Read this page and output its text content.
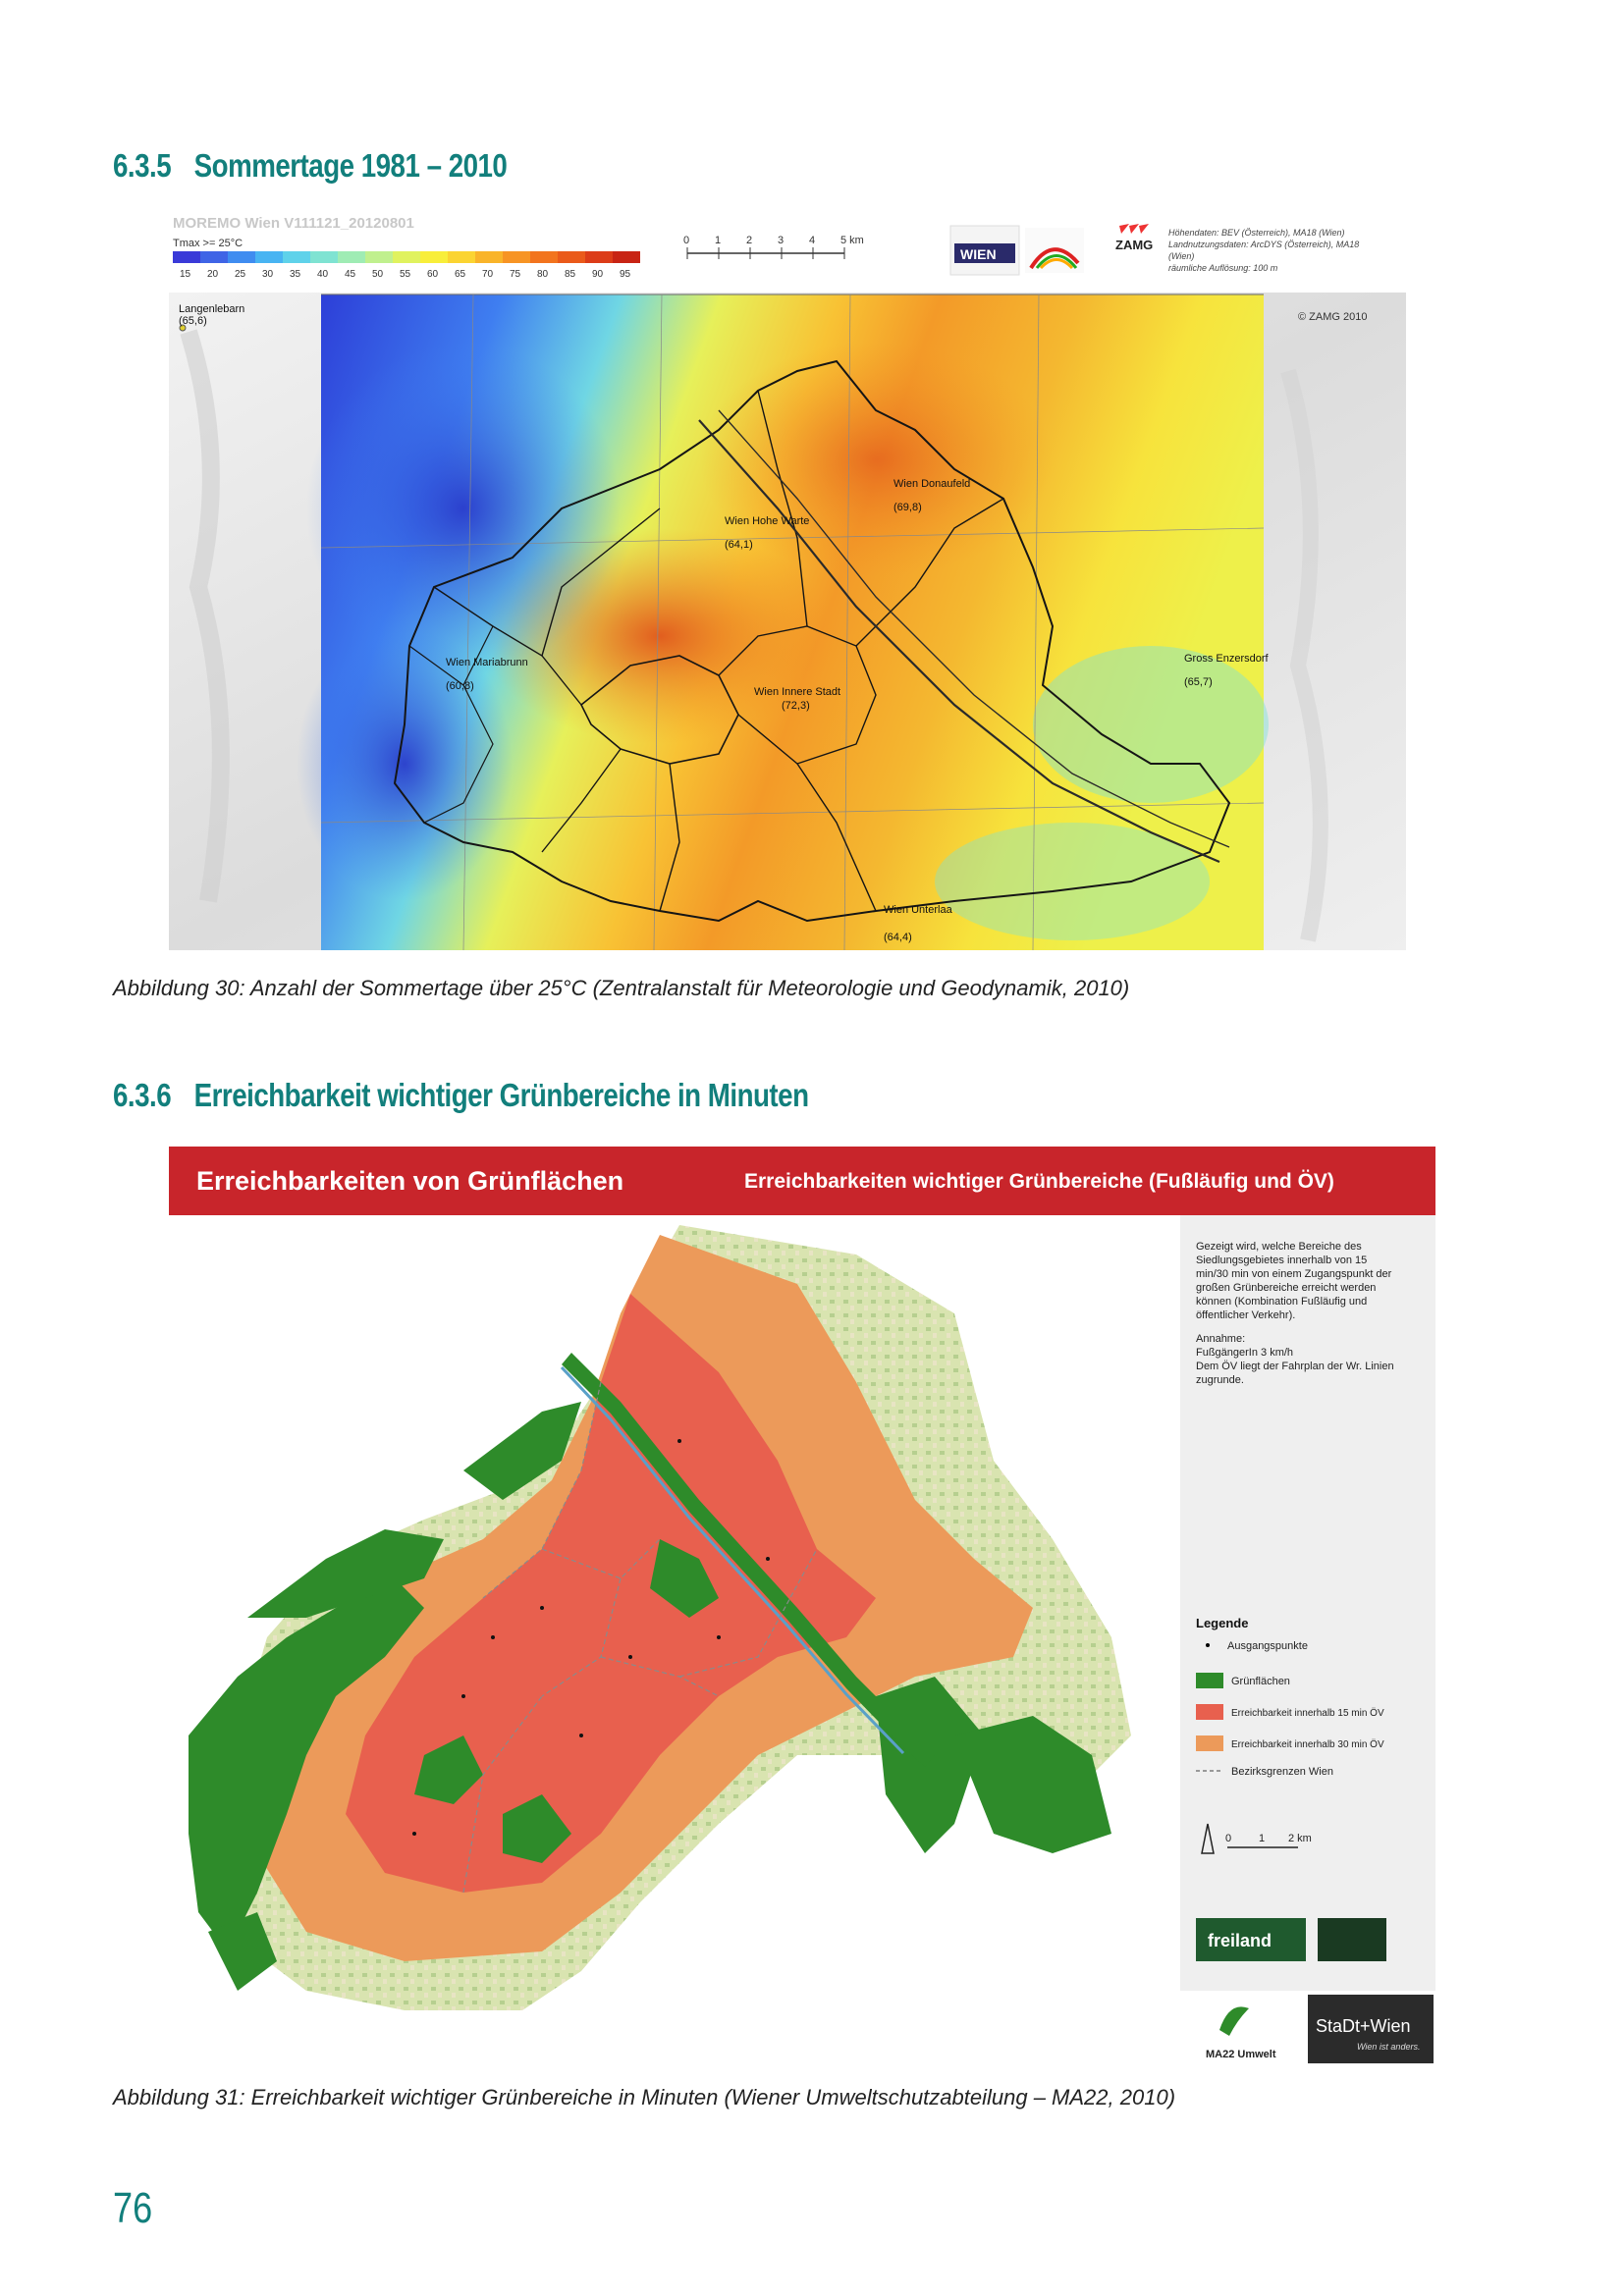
6.3.5 Sommertage 1981 – 2010
MOREMO Wien V111121_20120801
Tmax >= 25°C
15 20 25 30 35 40 45 50 55 60 65 70 75 80 85 90 95
0 1 2 3 4 5 km
WIEN
ZAMG
Höhendaten: BEV (Österreich), MA18 (Wien)
Landnutzungsdaten: ArcDYS (Österreich), MA18
(Wien)
räumliche Auflösung: 100 m
Langenlebarn
(65,6)
Wien Hohe Warte
(64,1)
Wien Donaufeld
(69,8)
Wien Mariabrunn
(60,8)	Wien Innere Stadt
(72,3)
Gross Enzersdorf
(65,7)
Wien Unterlaa
(64,4)
© ZAMG 2010

Abbildung 30: Anzahl der Sommertage über 25°C (Zentralanstalt für Meteorologie und Geodynamik, 2010)

6.3.6 Erreichbarkeit wichtiger Grünbereiche in Minuten
Erreichbarkeiten von Grünflächen	Erreichbarkeiten wichtiger Grünbereiche (Fußläufig und ÖV)
Gezeigt wird, welche Bereiche des
Siedlungsgebietes innerhalb von 15
min/30 min von einem Zugangspunkt der
großen Grünbereiche erreicht werden
können (Kombination Fußläufig und
öffentlicher Verkehr).
Annahme:
FußgängerIn 3 km/h
Dem ÖV liegt der Fahrplan der Wr. Linien
zugrunde.
Legende
Ausgangspunkte
Grünflächen
Erreichbarkeit innerhalb 15 min ÖV
Erreichbarkeit innerhalb 30 min ÖV
Bezirksgrenzen Wien
0	1 2 km
freiland
MA22 Umwelt
StaDt+Wien
Wien ist anders.

Abbildung 31: Erreichbarkeit wichtiger Grünbereiche in Minuten (Wiener Umweltschutzabteilung – MA22, 2010)

76
